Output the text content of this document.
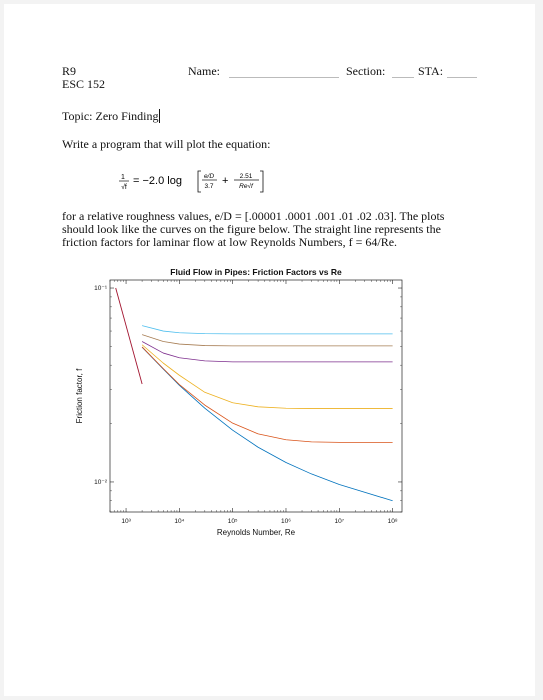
R9
ESC 152
Name:	Section:	STA:
Topic: Zero Finding
Write a program that will plot the equation:
1
√f
= −2.0 log	e/D
3.7 + 2.51
Re√f
for a relative roughness values, e/D = [.00001 .0001 .001 .01 .02 .03]. The plots
should look like the curves on the figure below. The straight line represents the
friction factors for laminar flow at low Reynolds Numbers, f = 64/Re.
Fluid Flow in Pipes: Friction Factors vs Re
10³	10⁴	10⁵	10⁶	10⁷	10⁸
10⁻¹
10⁻²
Reynolds Number, Re
Friction factor, f
